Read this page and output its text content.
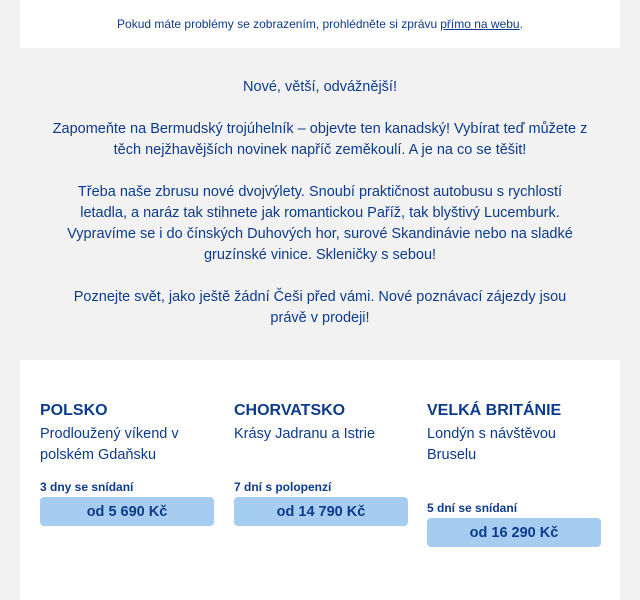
Pokud máte problémy se zobrazením, prohlédněte si zprávu přímo na webu .

Nové, větší, odvážnější!

Zapomeňte na Bermudský trojúhelník – objevte ten kanadský! Vybírat teď můžete z těch nejžhavějších novinek napříč zeměkoulí. A je na co se těšit!

Třeba naše zbrusu nové dvojvýlety. Snoubí praktičnost autobusu s rychlostí letadla, a naráz tak stihnete jak romantickou Paříž, tak blyštivý Lucemburk. Vypravíme se i do čínských Duhových hor, surové Skandinávie nebo na sladké gruzínské vinice. Skleničky s sebou!

Poznejte svět, jako ještě žádní Češi před vámi. Nové poznávací zájezdy jsou právě v prodeji!

POLSKO
Prodloužený víkend v polském Gdaňsku
3 dny se snídaní
od 5 690 Kč
CHORVATSKO
Krásy Jadranu a Istrie
7 dní s polopenzí
od 14 790 Kč
VELKÁ BRITÁNIE
Londýn s návštěvou Bruselu
5 dní se snídaní
od 16 290 Kč
